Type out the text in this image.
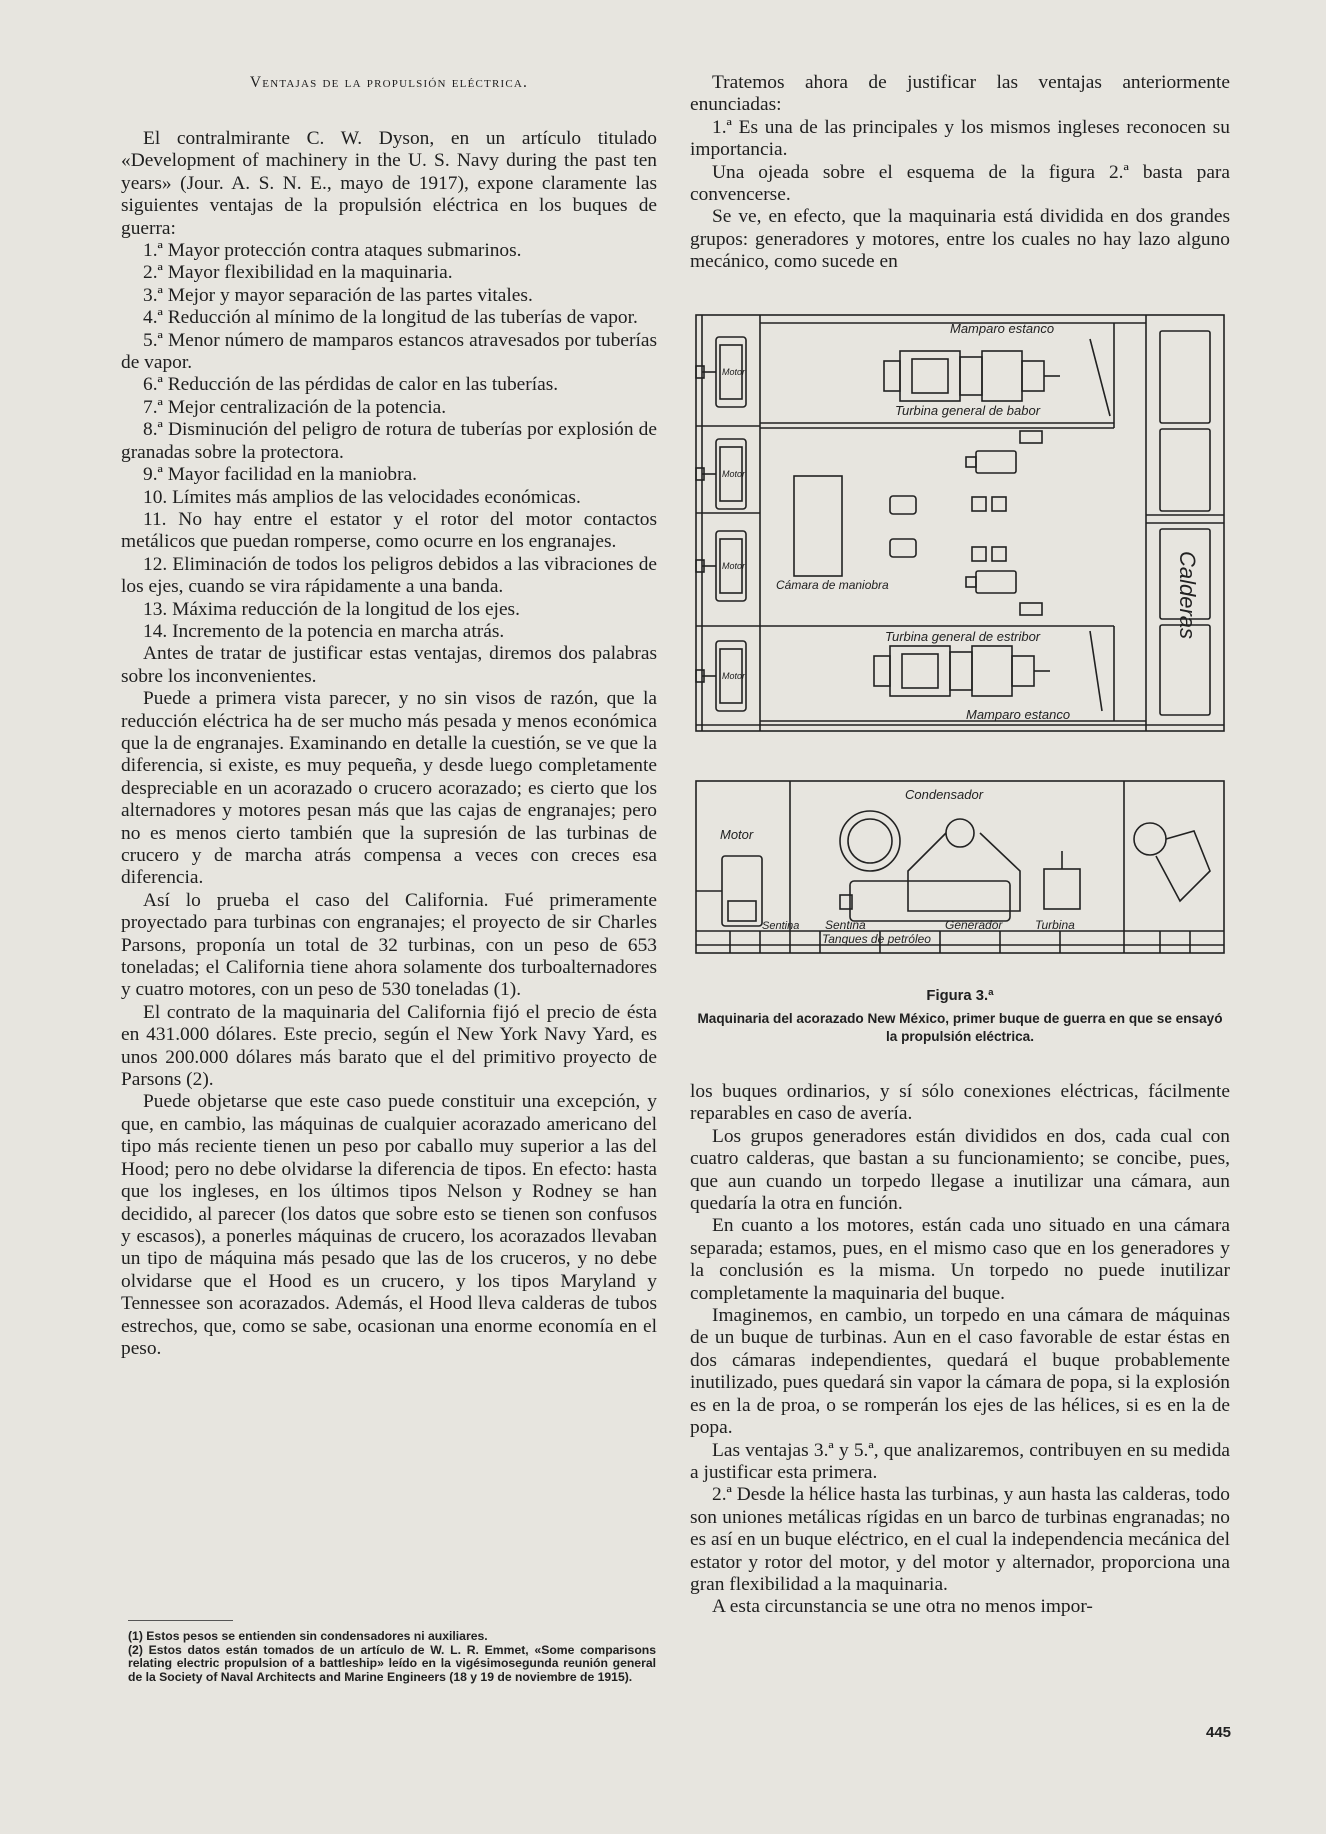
Ventajas de la propulsión eléctrica.

El contralmirante C. W. Dyson, en un artículo titulado «Development of machinery in the U. S. Navy during the past ten years» (Jour. A. S. N. E., mayo de 1917), expone claramente las siguientes ventajas de la propulsión eléctrica en los buques de guerra:

1.ª Mayor protección contra ataques submarinos.

2.ª Mayor flexibilidad en la maquinaria.

3.ª Mejor y mayor separación de las partes vitales.

4.ª Reducción al mínimo de la longitud de las tuberías de vapor.

5.ª Menor número de mamparos estancos atravesados por tuberías de vapor.

6.ª Reducción de las pérdidas de calor en las tuberías.

7.ª Mejor centralización de la potencia.

8.ª Disminución del peligro de rotura de tuberías por explosión de granadas sobre la protectora.

9.ª Mayor facilidad en la maniobra.

10. Límites más amplios de las velocidades económicas.

11. No hay entre el estator y el rotor del motor contactos metálicos que puedan romperse, como ocurre en los engranajes.

12. Eliminación de todos los peligros debidos a las vibraciones de los ejes, cuando se vira rápidamente a una banda.

13. Máxima reducción de la longitud de los ejes.

14. Incremento de la potencia en marcha atrás.

Antes de tratar de justificar estas ventajas, diremos dos palabras sobre los inconvenientes.

Puede a primera vista parecer, y no sin visos de razón, que la reducción eléctrica ha de ser mucho más pesada y menos económica que la de engranajes. Examinando en detalle la cuestión, se ve que la diferencia, si existe, es muy pequeña, y desde luego completamente despreciable en un acorazado o crucero acorazado; es cierto que los alternadores y motores pesan más que las cajas de engranajes; pero no es menos cierto también que la supresión de las turbinas de crucero y de marcha atrás compensa a veces con creces esa diferencia.

Así lo prueba el caso del California. Fué primeramente proyectado para turbinas con engranajes; el proyecto de sir Charles Parsons, proponía un total de 32 turbinas, con un peso de 653 toneladas; el California tiene ahora solamente dos turboalternadores y cuatro motores, con un peso de 530 toneladas (1).

El contrato de la maquinaria del California fijó el precio de ésta en 431.000 dólares. Este precio, según el New York Navy Yard, es unos 200.000 dólares más barato que el del primitivo proyecto de Parsons (2).

Puede objetarse que este caso puede constituir una excepción, y que, en cambio, las máquinas de cualquier acorazado americano del tipo más reciente tienen un peso por caballo muy superior a las del Hood; pero no debe olvidarse la diferencia de tipos. En efecto: hasta que los ingleses, en los últimos tipos Nelson y Rodney se han decidido, al parecer (los datos que sobre esto se tienen son confusos y escasos), a ponerles máquinas de crucero, los acorazados llevaban un tipo de máquina más pesado que las de los cruceros, y no debe olvidarse que el Hood es un crucero, y los tipos Maryland y Tennessee son acorazados. Además, el Hood lleva calderas de tubos estrechos, que, como se sabe, ocasionan una enorme economía en el peso.

(1) Estos pesos se entienden sin condensadores ni auxiliares.

(2) Estos datos están tomados de un artículo de W. L. R. Emmet, «Some comparisons relating electric propulsion of a battleship» leído en la vigésimosegunda reunión general de la Society of Naval Architects and Marine Engineers (18 y 19 de noviembre de 1915).

Tratemos ahora de justificar las ventajas anteriormente enunciadas:

1.ª Es una de las principales y los mismos ingleses reconocen su importancia.

Una ojeada sobre el esquema de la figura 2.ª basta para convencerse.

Se ve, en efecto, que la maquinaria está dividida en dos grandes grupos: generadores y motores, entre los cuales no hay lazo alguno mecánico, como sucede en

Mamparo estanco
Turbina general de babor
Turbina general de estribor
Cámara de maniobra
Mamparo estanco
Calderas
Motor
Motor
Motor
Motor
Motor
Condensador
Sentina Sentina	Generador	Turbina
Tanques de petróleo
Figura 3.ª
Maquinaria del acorazado New México, primer buque de guerra en que se ensayó la propulsión eléctrica.

los buques ordinarios, y sí sólo conexiones eléctricas, fácilmente reparables en caso de avería.

Los grupos generadores están divididos en dos, cada cual con cuatro calderas, que bastan a su funcionamiento; se concibe, pues, que aun cuando un torpedo llegase a inutilizar una cámara, aun quedaría la otra en función.

En cuanto a los motores, están cada uno situado en una cámara separada; estamos, pues, en el mismo caso que en los generadores y la conclusión es la misma. Un torpedo no puede inutilizar completamente la maquinaria del buque.

Imaginemos, en cambio, un torpedo en una cámara de máquinas de un buque de turbinas. Aun en el caso favorable de estar éstas en dos cámaras independientes, quedará el buque probablemente inutilizado, pues quedará sin vapor la cámara de popa, si la explosión es en la de proa, o se romperán los ejes de las hélices, si es en la de popa.

Las ventajas 3.ª y 5.ª, que analizaremos, contribuyen en su medida a justificar esta primera.

2.ª Desde la hélice hasta las turbinas, y aun hasta las calderas, todo son uniones metálicas rígidas en un barco de turbinas engranadas; no es así en un buque eléctrico, en el cual la independencia mecánica del estator y rotor del motor, y del motor y alternador, proporciona una gran flexibilidad a la maquinaria.

A esta circunstancia se une otra no menos impor-

445
